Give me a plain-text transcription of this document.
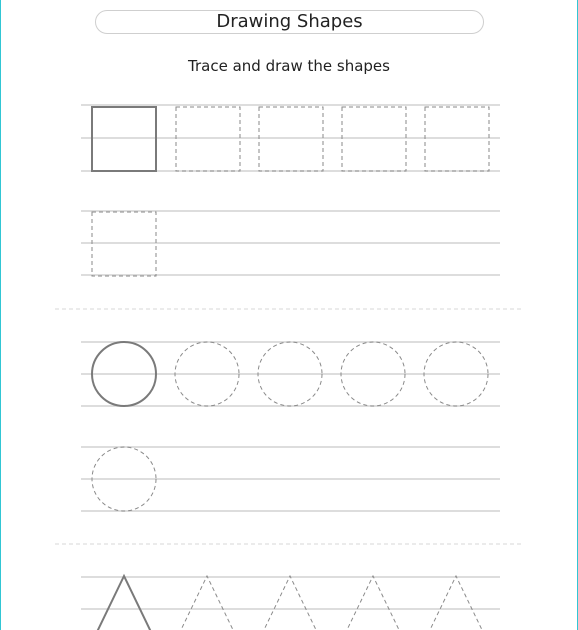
Drawing Shapes
Trace and draw the shapes
